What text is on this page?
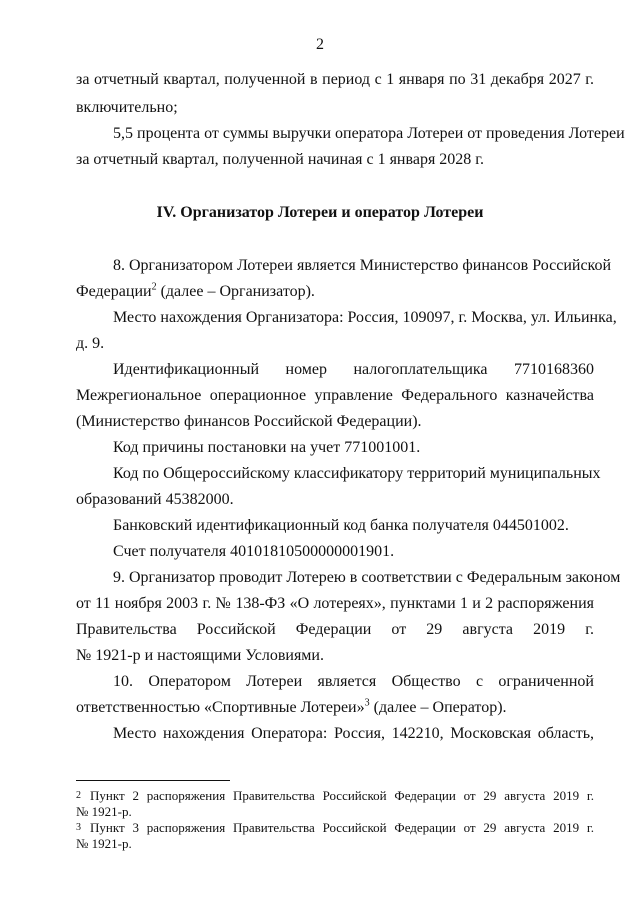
2
за отчетный квартал, полученной в период с 1 января по 31 декабря 2027 г.
включительно;
5,5 процента от суммы выручки оператора Лотереи от проведения Лотереи
за отчетный квартал, полученной начиная с 1 января 2028 г.
IV. Организатор Лотереи и оператор Лотереи
8. Организатором Лотереи является Министерство финансов Российской
Федерации$^2$ (далее – Организатор).
Место нахождения Организатора: Россия, 109097, г. Москва, ул. Ильинка,
д. 9.
Идентификационный номер налогоплательщика 7710168360
Межрегиональное операционное управление Федерального казначейства
(Министерство финансов Российской Федерации).
Код причины постановки на учет 771001001.
Код по Общероссийскому классификатору территорий муниципальных
образований 45382000.
Банковский идентификационный код банка получателя 044501002.
Счет получателя 40101810500000001901.
9. Организатор проводит Лотерею в соответствии с Федеральным законом
от 11 ноября 2003 г. № 138-ФЗ «О лотереях», пунктами 1 и 2 распоряжения
Правительства Российской Федерации от 29 августа 2019 г.
№ 1921-р и настоящими Условиями.
10. Оператором Лотереи является Общество с ограниченной
ответственностью «Спортивные Лотереи»$^3$ (далее – Оператор).
Место нахождения Оператора: Россия, 142210, Московская область,
2 Пункт 2 распоряжения Правительства Российской Федерации от 29 августа 2019 г.
№ 1921-р.
3 Пункт 3 распоряжения Правительства Российской Федерации от 29 августа 2019 г.
№ 1921-р.
